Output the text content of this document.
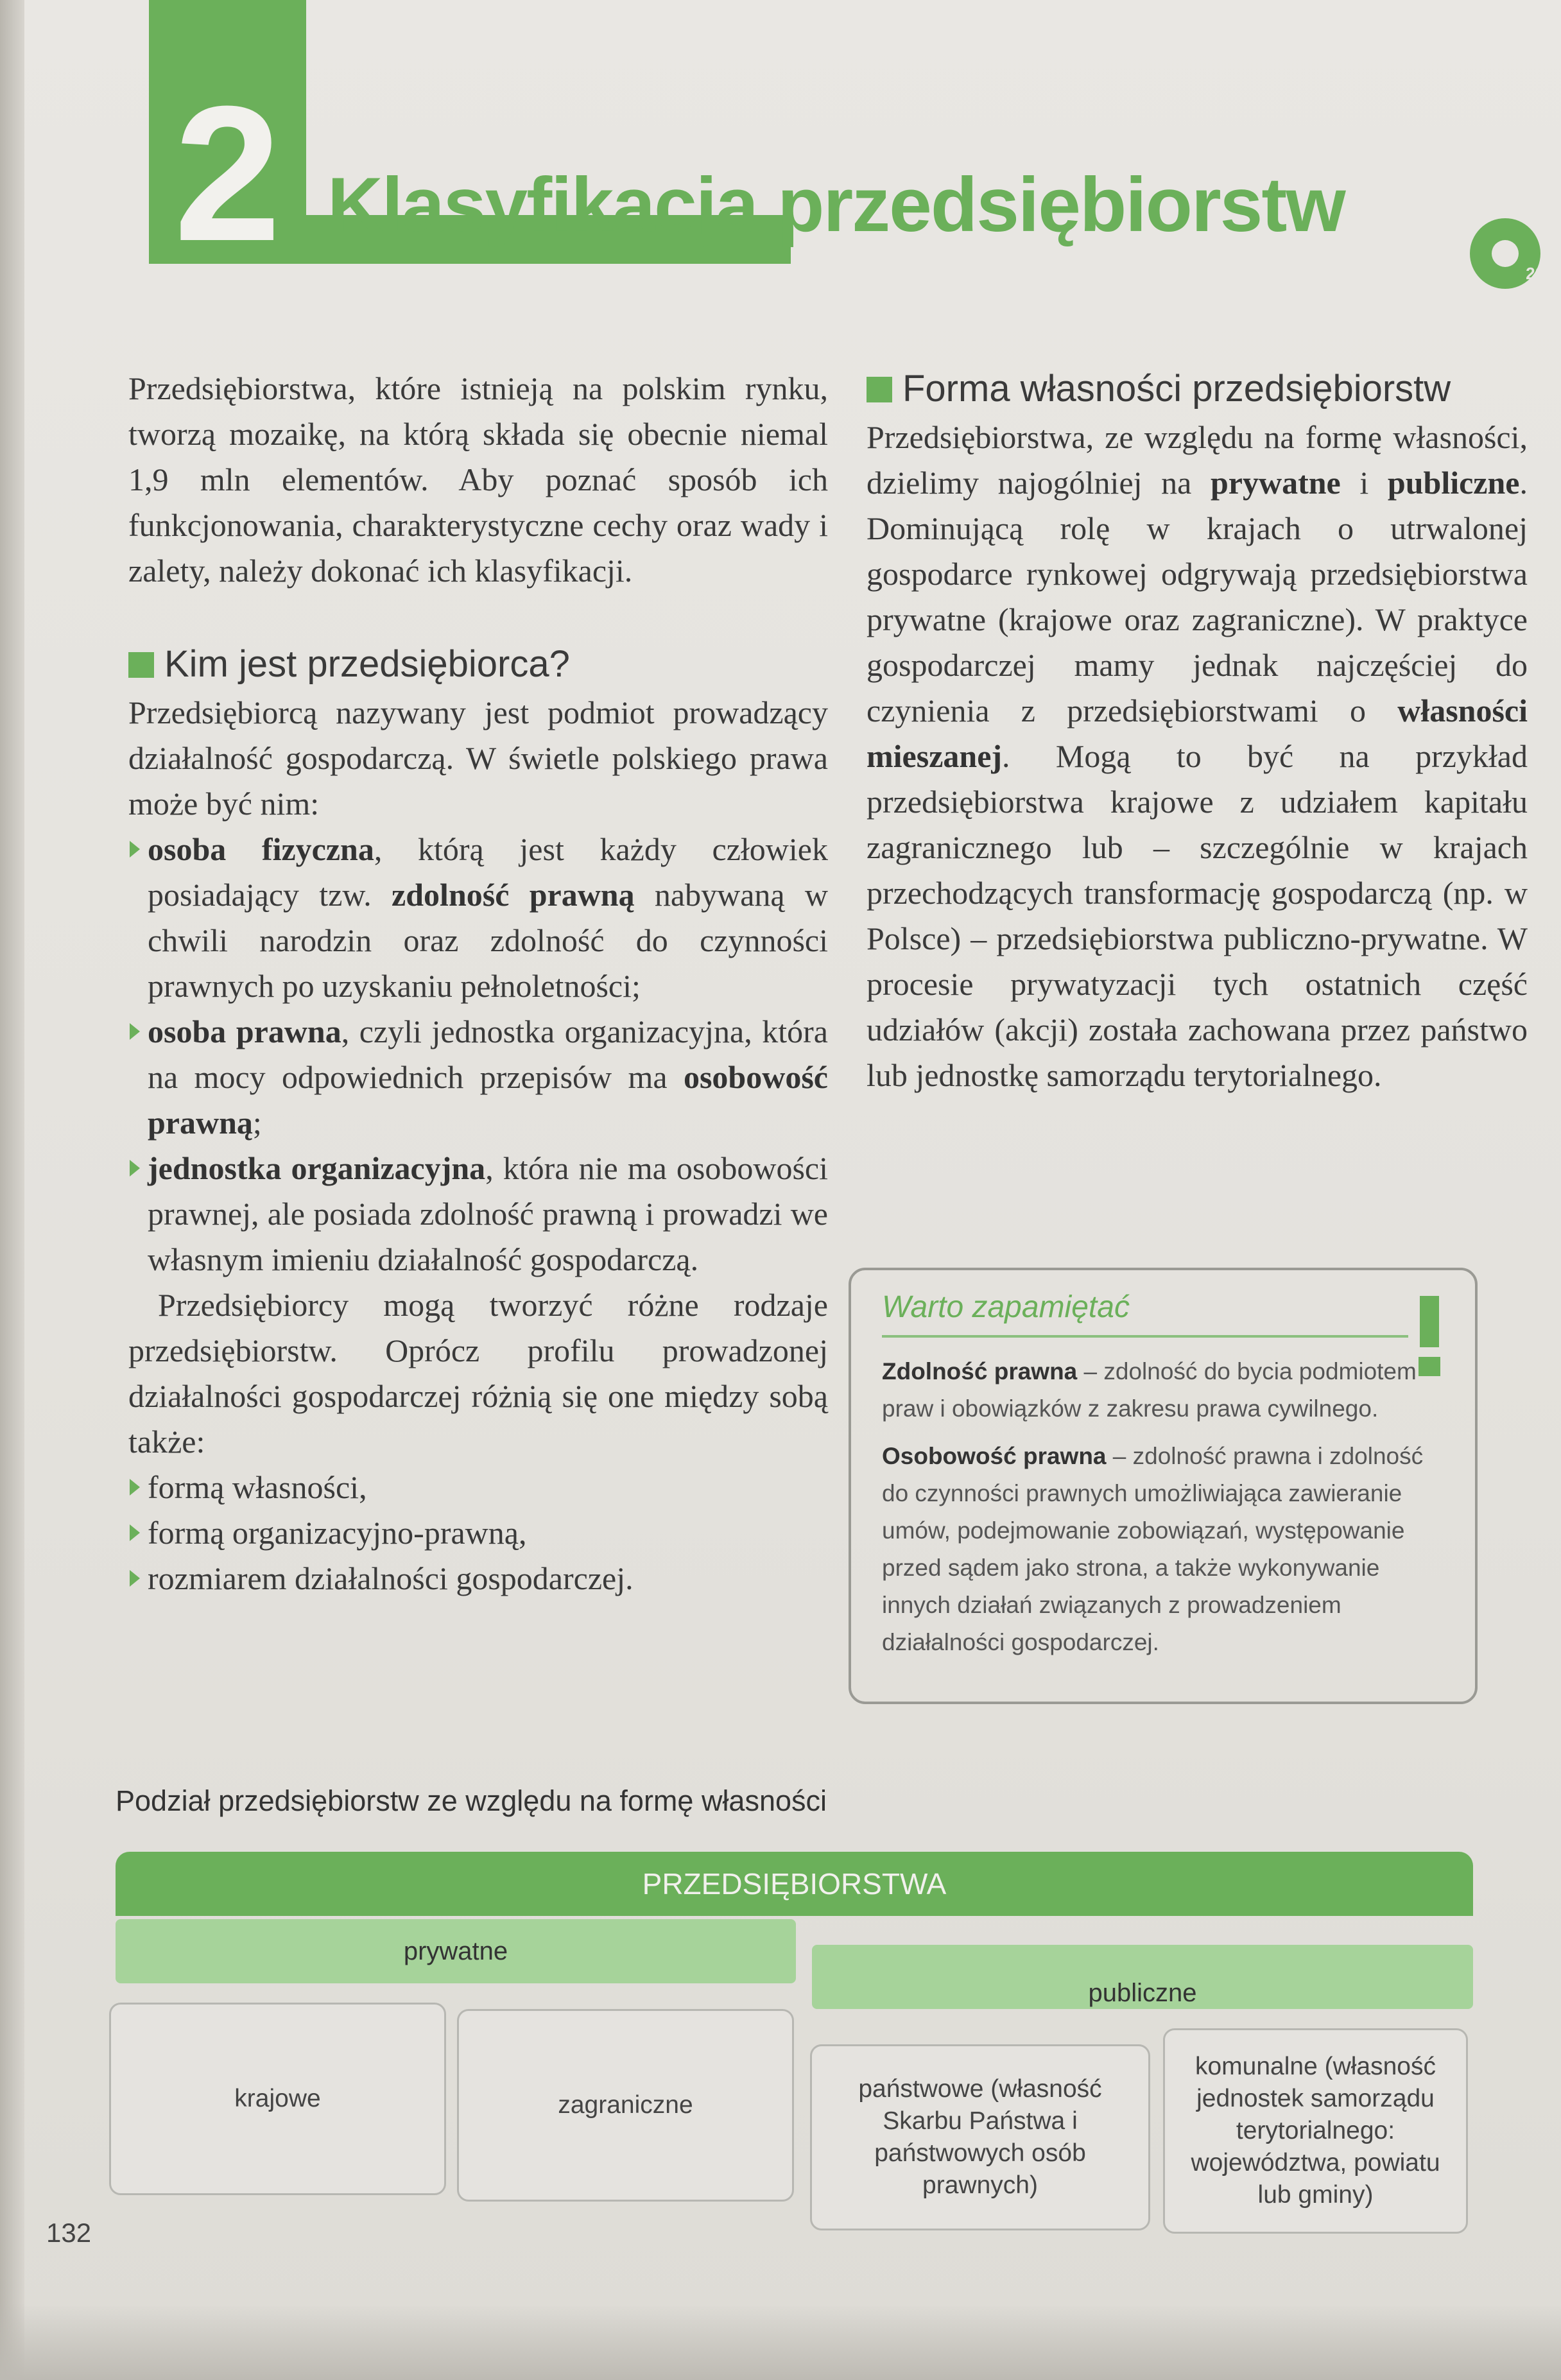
2 Klasyfikacja przedsiębiorstw
20

Przedsiębiorstwa, które istnieją na polskim rynku, tworzą mozaikę, na którą składa się obecnie niemal 1,9 mln elementów. Aby poznać sposób ich funkcjonowania, charakterystyczne cechy oraz wady i zalety, należy dokonać ich klasyfikacji.

Kim jest przedsiębiorca?

Przedsiębiorcą nazywany jest podmiot prowadzący działalność gospodarczą. W świetle polskiego prawa może być nim:

osoba fizyczna, którą jest każdy człowiek posiadający tzw. zdolność prawną nabywaną w chwili narodzin oraz zdolność do czynności prawnych po uzyskaniu pełnoletności;
osoba prawna, czyli jednostka organizacyjna, która na mocy odpowiednich przepisów ma osobowość prawną;
jednostka organizacyjna, która nie ma osobowości prawnej, ale posiada zdolność prawną i prowadzi we własnym imieniu działalność gospodarczą.

Przedsiębiorcy mogą tworzyć różne rodzaje przedsiębiorstw. Oprócz profilu prowadzonej działalności gospodarczej różnią się one między sobą także:

formą własności,
formą organizacyjno-prawną,
rozmiarem działalności gospodarczej.
Forma własności przedsiębiorstw

Przedsiębiorstwa, ze względu na formę własności, dzielimy najogólniej na prywatne i publiczne. Dominującą rolę w krajach o utrwalonej gospodarce rynkowej odgrywają przedsiębiorstwa prywatne (krajowe oraz zagraniczne). W praktyce gospodarczej mamy jednak najczęściej do czynienia z przedsiębiorstwami o własności mieszanej. Mogą to być na przykład przedsiębiorstwa krajowe z udziałem kapitału zagranicznego lub – szczególnie w krajach przechodzących transformację gospodarczą (np. w Polsce) – przedsiębiorstwa publiczno-prywatne. W procesie prywatyzacji tych ostatnich część udziałów (akcji) została zachowana przez państwo lub jednostkę samorządu terytorialnego.

Warto zapamiętać

Zdolność prawna – zdolność do bycia podmiotem praw i obowiązków z zakresu prawa cywilnego.

Osobowość prawna – zdolność prawna i zdolność do czynności prawnych umożliwiająca zawieranie umów, podejmowanie zobowiązań, występowanie przed sądem jako strona, a także wykonywanie innych działań związanych z prowadzeniem działalności gospodarczej.

Podział przedsiębiorstw ze względu na formę własności
PRZEDSIĘBIORSTWA
prywatne
publiczne
krajowe	zagraniczne
państwowe (własność Skarbu Państwa i państwowych osób prawnych)
komunalne (własność jednostek samorządu terytorialnego: województwa, powiatu lub gminy)
132
